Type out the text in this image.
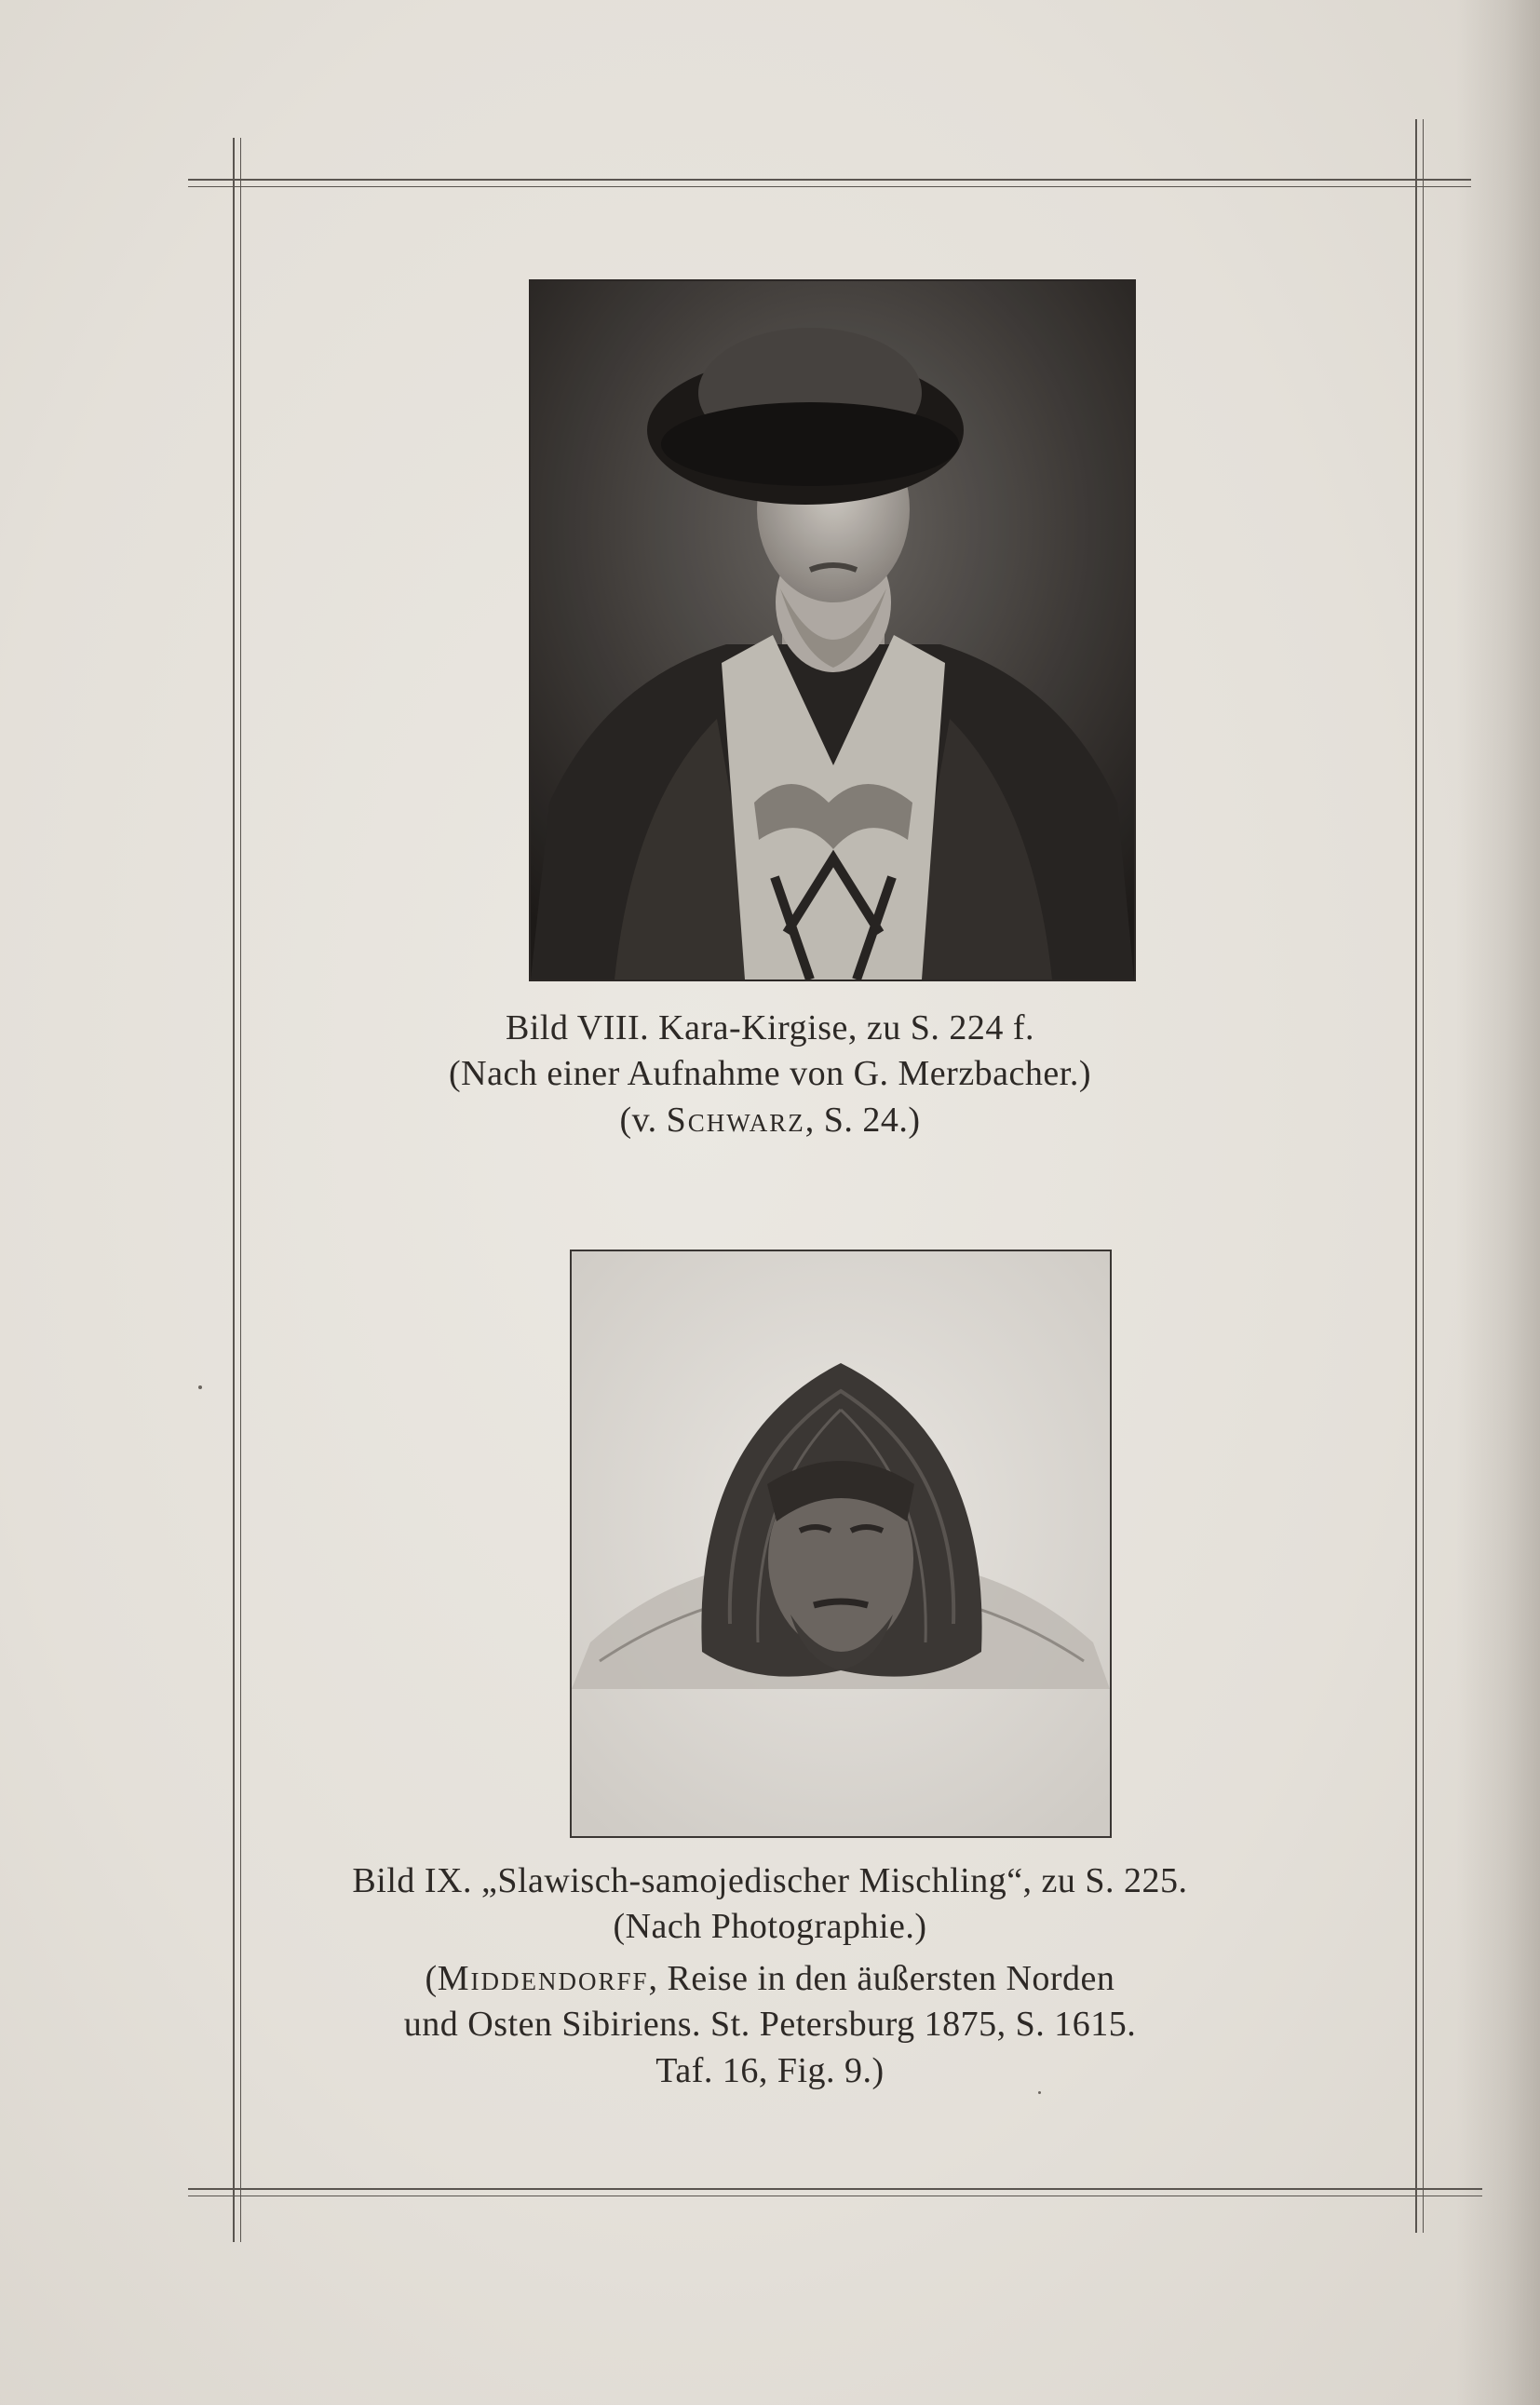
Bild VIII. Kara-Kirgise, zu S. 224 f.
(Nach einer Aufnahme von G. Merzbacher.)
(v. Schwarz, S. 24.)
Bild IX. „Slawisch-samojedischer Mischling“, zu S. 225.
(Nach Photographie.)
(Middendorff, Reise in den äußersten Norden
und Osten Sibiriens. St. Petersburg 1875, S. 1615.
Taf. 16, Fig. 9.)
